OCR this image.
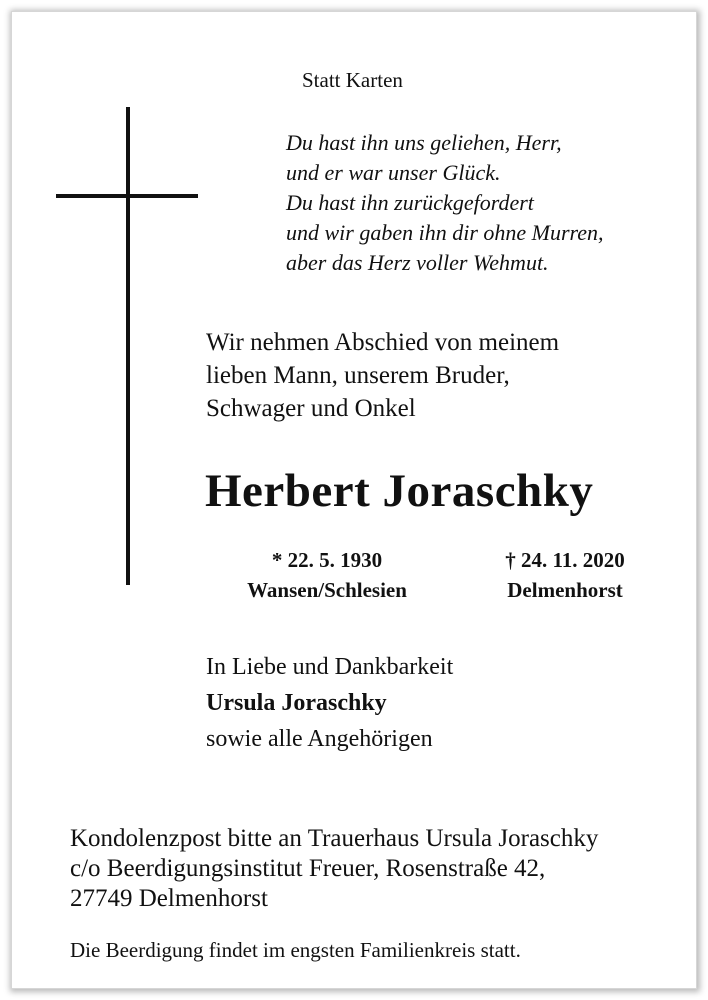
Statt Karten
Du hast ihn uns geliehen, Herr,
und er war unser Glück.
Du hast ihn zurückgefordert
und wir gaben ihn dir ohne Murren,
aber das Herz voller Wehmut.
Wir nehmen Abschied von meinem
lieben Mann, unserem Bruder,
Schwager und Onkel
Herbert Joraschky
* 22. 5. 1930
Wansen/Schlesien
† 24. 11. 2020
Delmenhorst
In Liebe und Dankbarkeit
Ursula Joraschky
sowie alle Angehörigen
Kondolenzpost bitte an Trauerhaus Ursula Joraschky
c/o Beerdigungsinstitut Freuer, Rosenstraße 42,
27749 Delmenhorst
Die Beerdigung findet im engsten Familienkreis statt.
